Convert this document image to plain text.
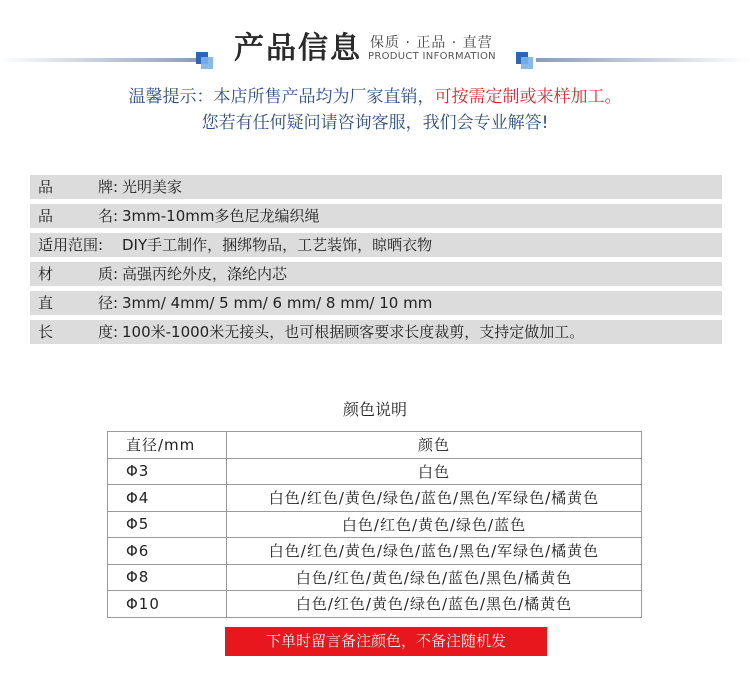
产品信息 保质 · 正品 · 直营
PRODUCT INFORMATION
温馨提示：本店所售产品均为厂家直销，可按需定制或来样加工。
您若有任何疑问请咨询客服，我们会专业解答!
品	牌: 光明美家
品	名: 3mm-10mm多色尼龙编织绳
适用范围: DIY手工制作，捆绑物品，工艺装饰，晾晒衣物
材	质: 高强丙纶外皮，涤纶内芯
直	径: 3mm/ 4mm/ 5 mm/ 6 mm/ 8 mm/ 10 mm
长	度: 100米-1000米无接头，也可根据顾客要求长度裁剪，支持定做加工。
颜色说明
直径/mm	颜色
Φ3	白色
Φ4	白色/红色/黄色/绿色/蓝色/黑色/军绿色/橘黄色
Φ5	白色/红色/黄色/绿色/蓝色
Φ6	白色/红色/黄色/绿色/蓝色/黑色/军绿色/橘黄色
Φ8	白色/红色/黄色/绿色/蓝色/黑色/橘黄色
Φ10	白色/红色/黄色/绿色/蓝色/黑色/橘黄色
下单时留言备注颜色，不备注随机发
